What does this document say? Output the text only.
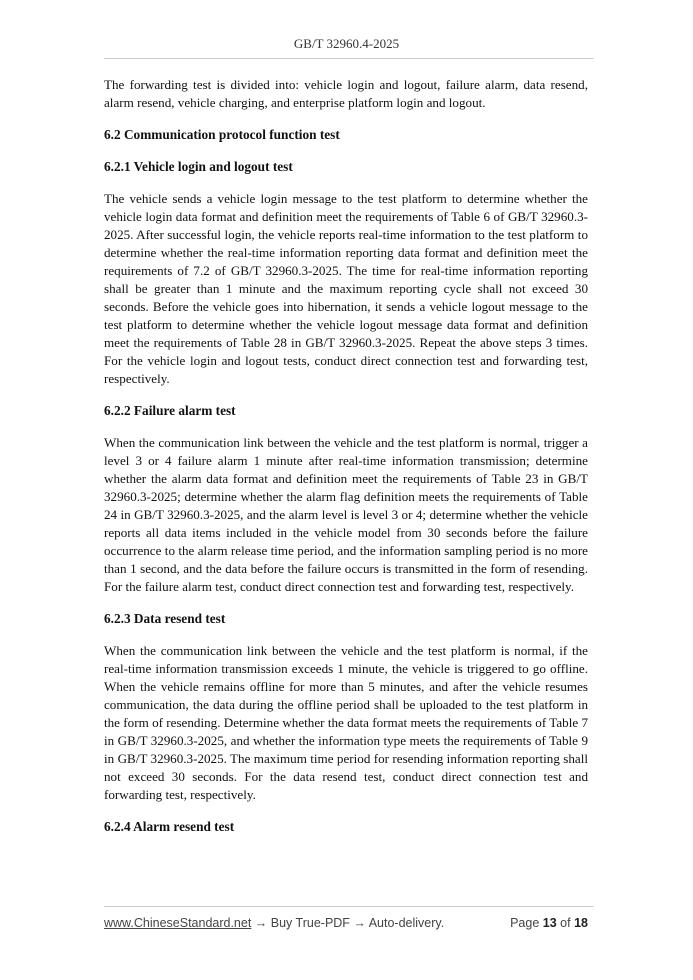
GB/T 32960.4-2025

The forwarding test is divided into: vehicle login and logout, failure alarm, data resend, alarm resend, vehicle charging, and enterprise platform login and logout.

6.2 Communication protocol function test
6.2.1 Vehicle login and logout test

The vehicle sends a vehicle login message to the test platform to determine whether the vehicle login data format and definition meet the requirements of Table 6 of GB/T 32960.3-2025. After successful login, the vehicle reports real-time information to the test platform to determine whether the real-time information reporting data format and definition meet the requirements of 7.2 of GB/T 32960.3-2025. The time for real-time information reporting shall be greater than 1 minute and the maximum reporting cycle shall not exceed 30 seconds. Before the vehicle goes into hibernation, it sends a vehicle logout message to the test platform to determine whether the vehicle logout message data format and definition meet the requirements of Table 28 in GB/T 32960.3-2025. Repeat the above steps 3 times. For the vehicle login and logout tests, conduct direct connection test and forwarding test, respectively.

6.2.2 Failure alarm test

When the communication link between the vehicle and the test platform is normal, trigger a level 3 or 4 failure alarm 1 minute after real-time information transmission; determine whether the alarm data format and definition meet the requirements of Table 23 in GB/T 32960.3-2025; determine whether the alarm flag definition meets the requirements of Table 24 in GB/T 32960.3-2025, and the alarm level is level 3 or 4; determine whether the vehicle reports all data items included in the vehicle model from 30 seconds before the failure occurrence to the alarm release time period, and the information sampling period is no more than 1 second, and the data before the failure occurs is transmitted in the form of resending. For the failure alarm test, conduct direct connection test and forwarding test, respectively.

6.2.3 Data resend test

When the communication link between the vehicle and the test platform is normal, if the real-time information transmission exceeds 1 minute, the vehicle is triggered to go offline. When the vehicle remains offline for more than 5 minutes, and after the vehicle resumes communication, the data during the offline period shall be uploaded to the test platform in the form of resending. Determine whether the data format meets the requirements of Table 7 in GB/T 32960.3-2025, and whether the information type meets the requirements of Table 9 in GB/T 32960.3-2025. The maximum time period for resending information reporting shall not exceed 30 seconds. For the data resend test, conduct direct connection test and forwarding test, respectively.

6.2.4 Alarm resend test
www.ChineseStandard.net → Buy True-PDF → Auto-delivery.	Page 13 of 18
